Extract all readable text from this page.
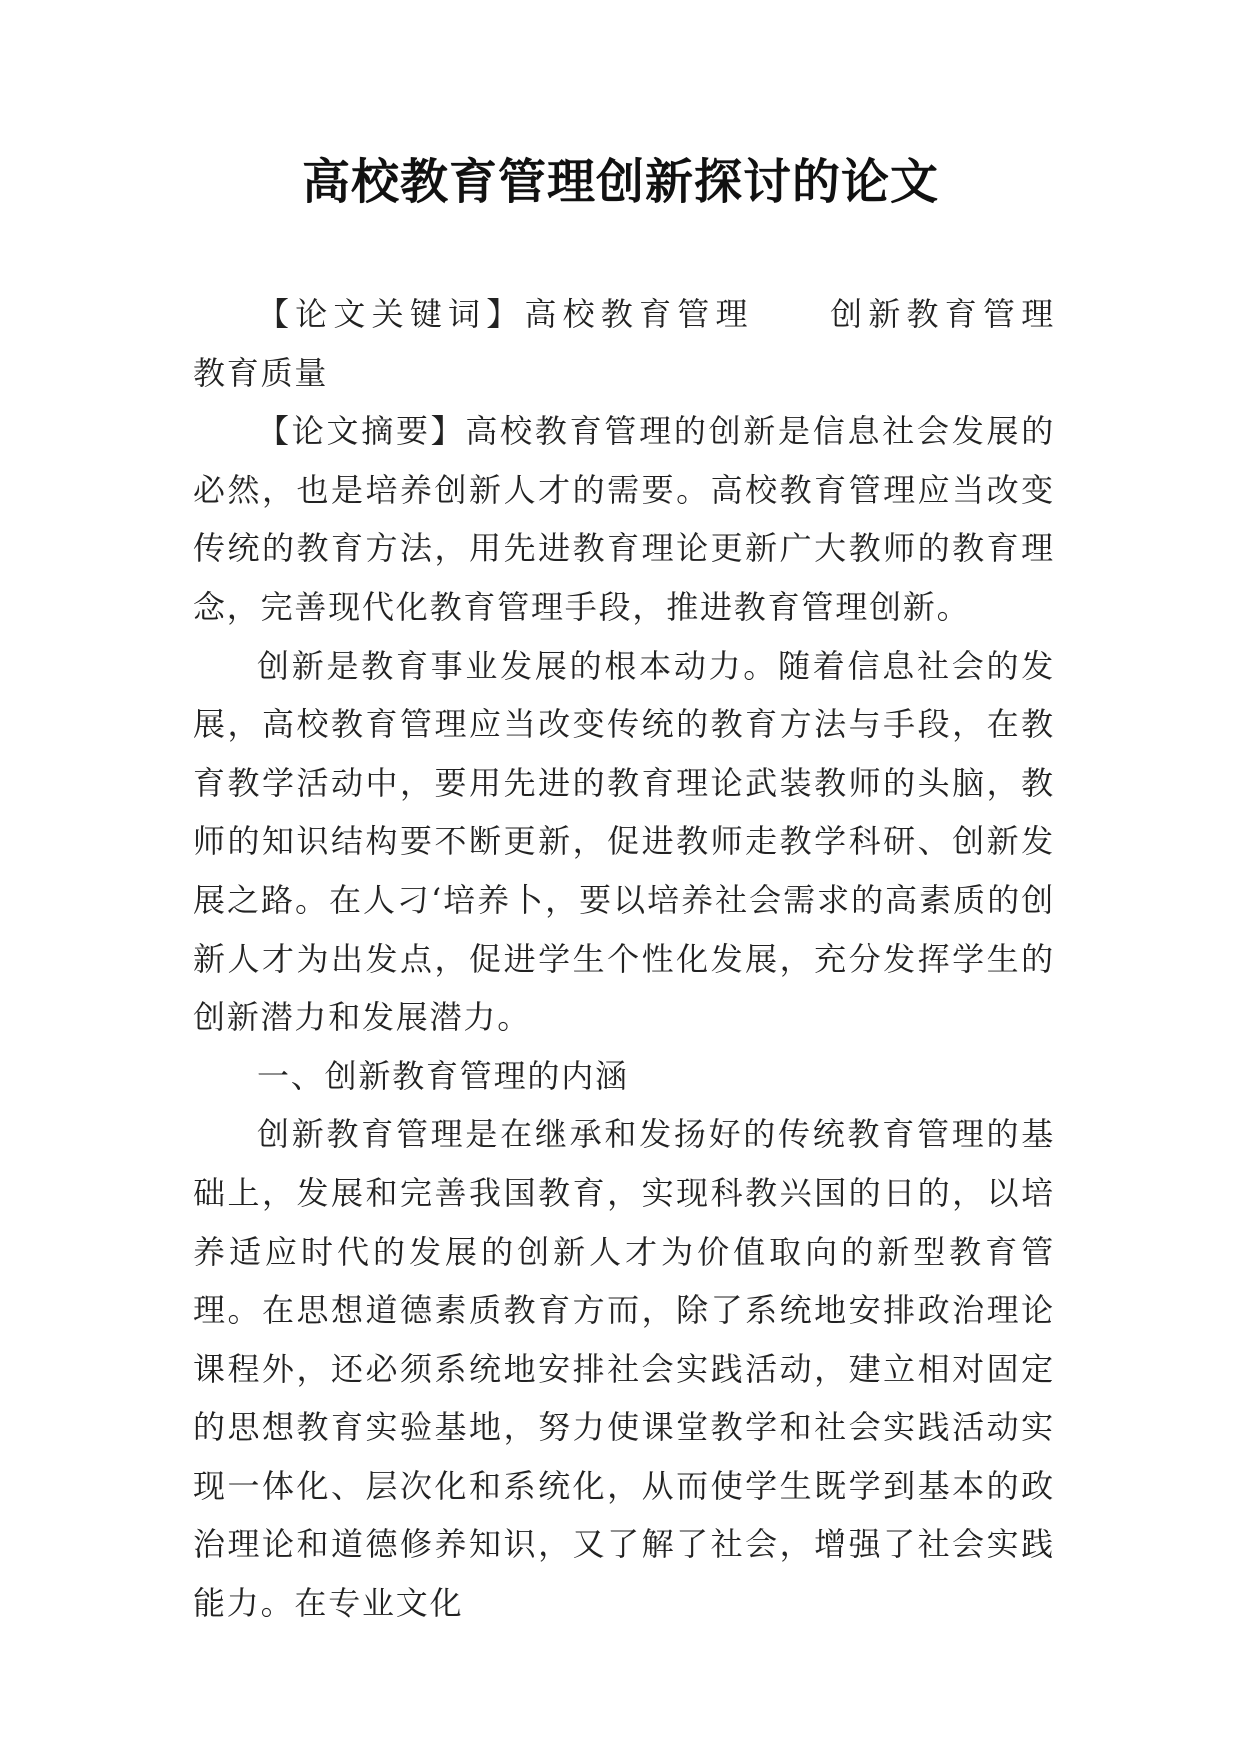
高校教育管理创新探讨的论文

【论文关键词】高校教育管理　　创新教育管理　　教育质量

【论文摘要】高校教育管理的创新是信息社会发展的必然，也是培养创新人才的需要。高校教育管理应当改变传统的教育方法，用先进教育理论更新广大教师的教育理念，完善现代化教育管理手段，推进教育管理创新。

创新是教育事业发展的根本动力。随着信息社会的发展，高校教育管理应当改变传统的教育方法与手段，在教育教学活动中，要用先进的教育理论武装教师的头脑，教师的知识结构要不断更新，促进教师走教学科研、创新发展之路。在人刁‘培养卜，要以培养社会需求的高素质的创新人才为出发点，促进学生个性化发展，充分发挥学生的创新潜力和发展潜力。

一、创新教育管理的内涵

创新教育管理是在继承和发扬好的传统教育管理的基础上，发展和完善我国教育，实现科教兴国的日的，以培养适应时代的发展的创新人才为价值取向的新型教育管理。在思想道德素质教育方而，除了系统地安排政治理论课程外，还必须系统地安排社会实践活动，建立相对固定的思想教育实验基地，努力使课堂教学和社会实践活动实现一体化、层次化和系统化，从而使学生既学到基本的政治理论和道德修养知识，又了解了社会，增强了社会实践能力。在专业文化
